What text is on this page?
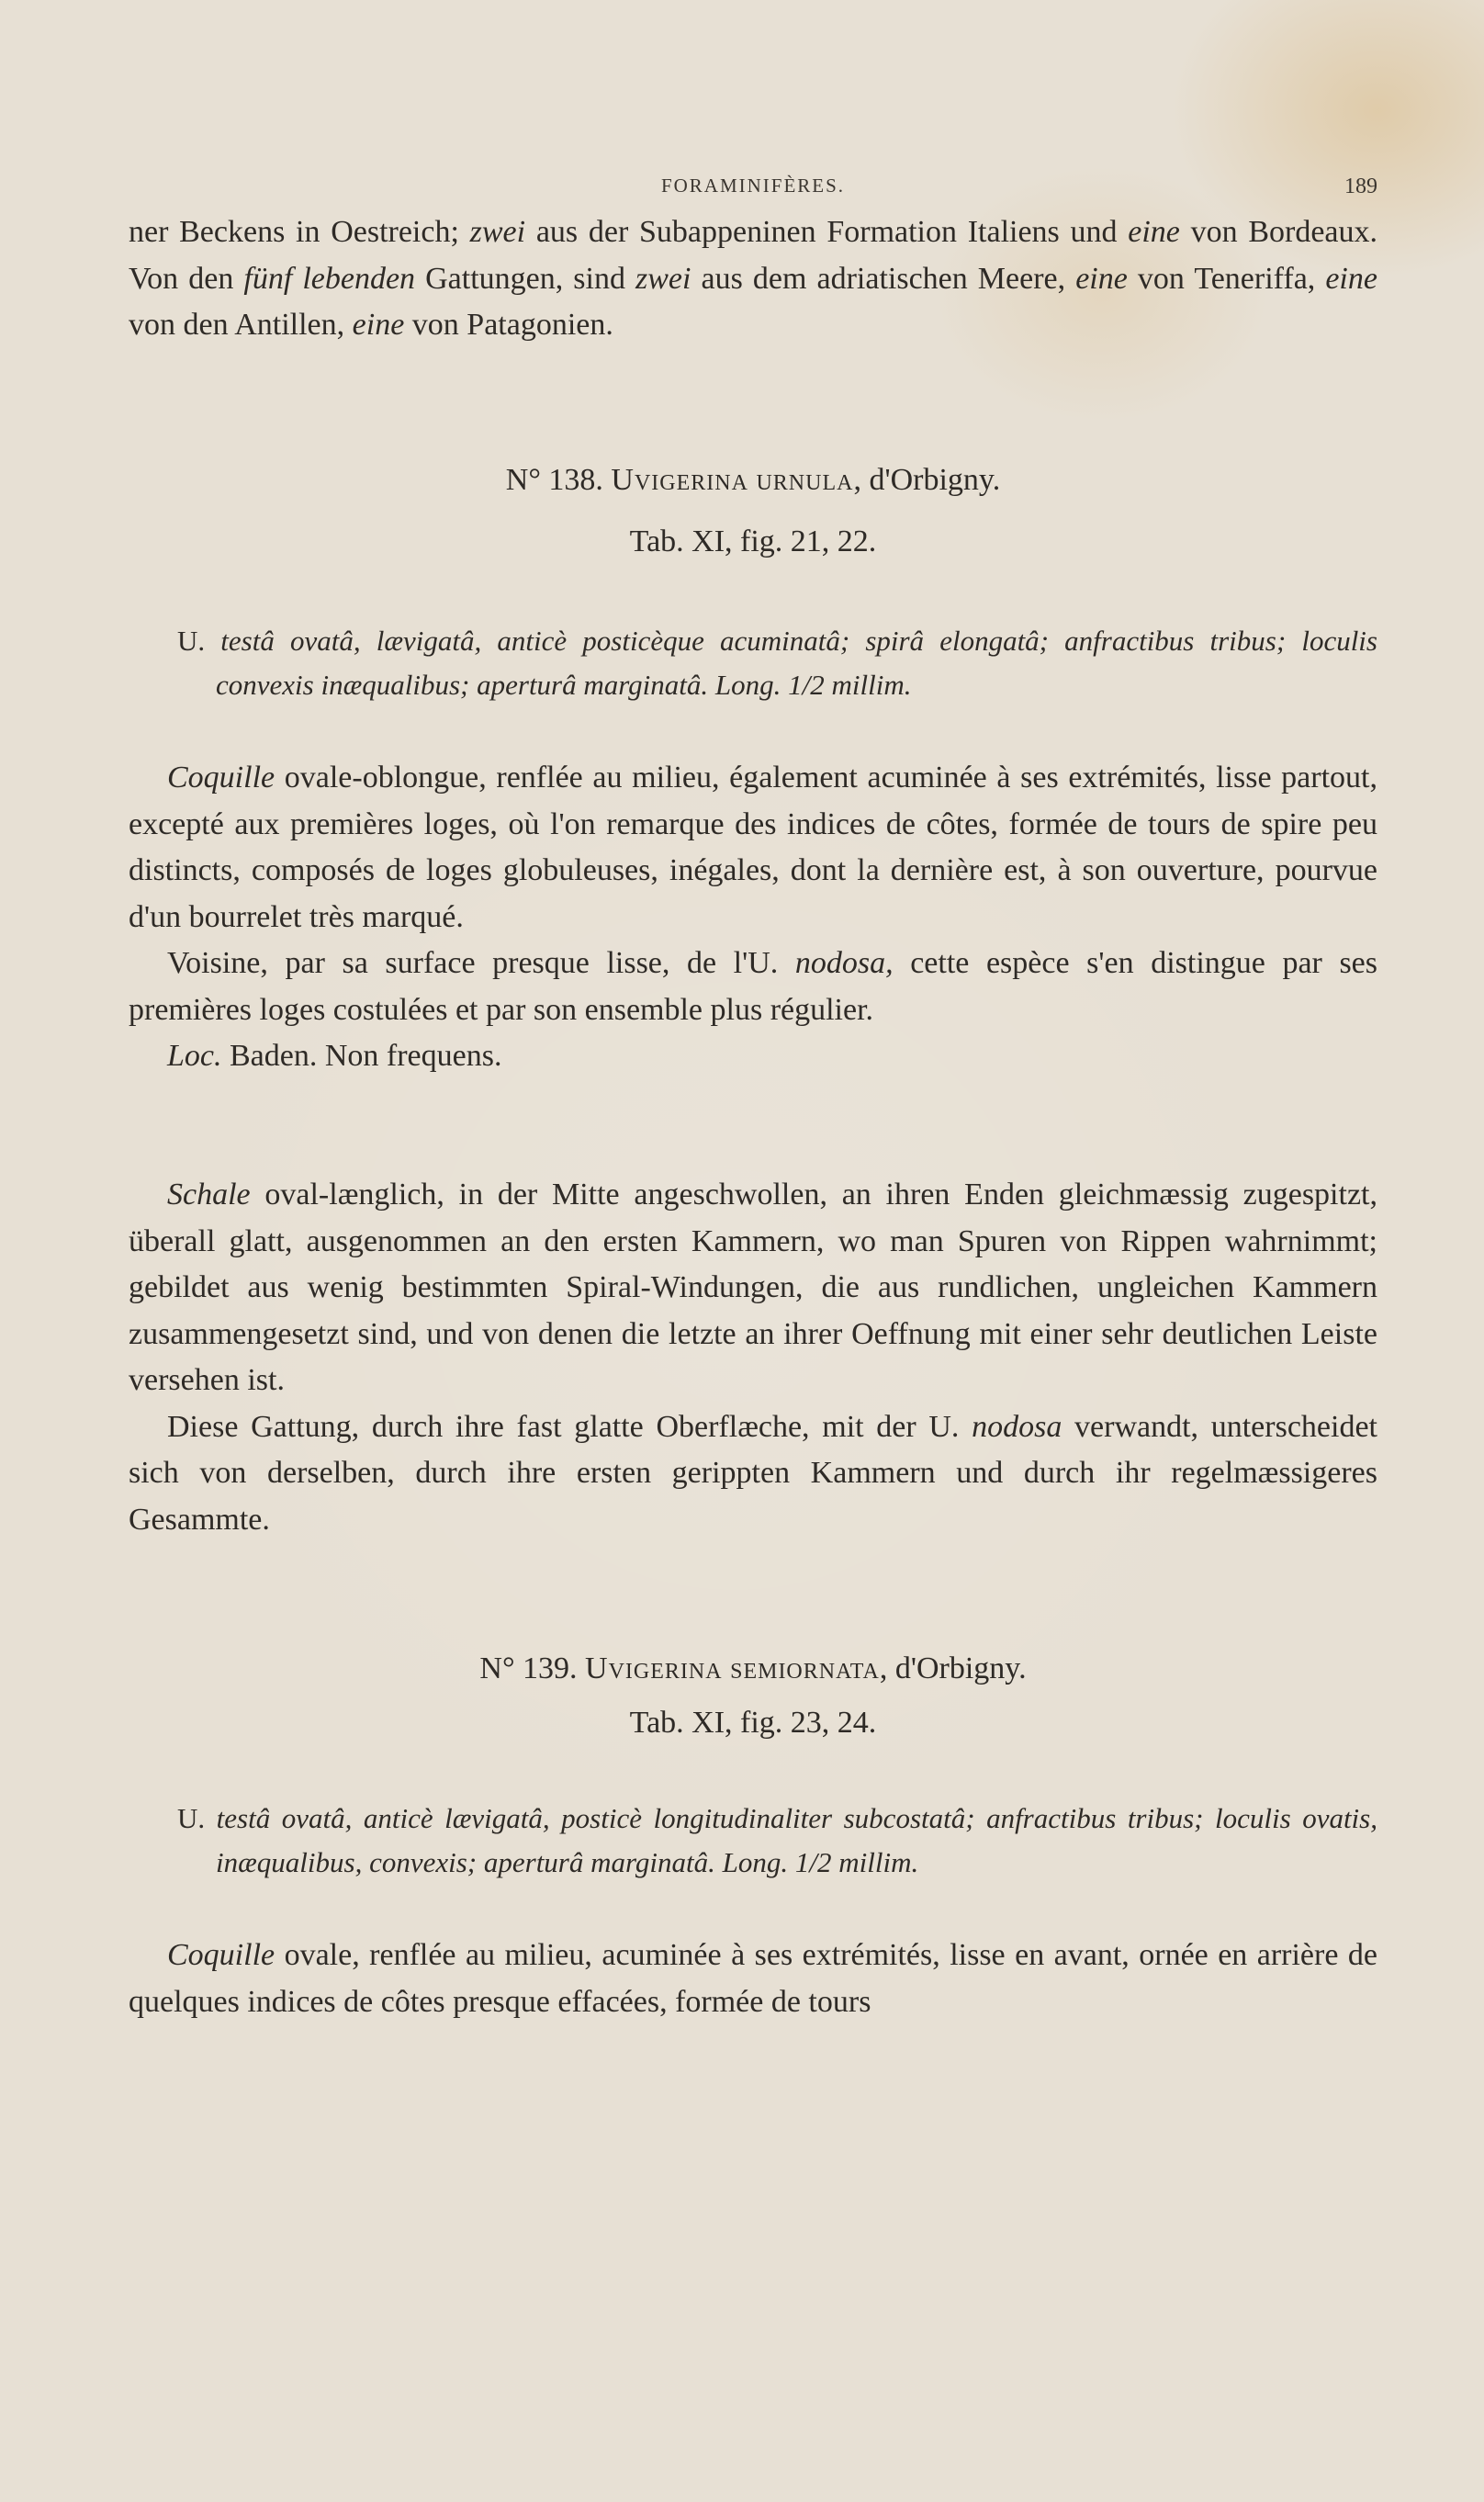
FORAMINIFÈRES.	189

ner Beckens in Oestreich; zwei aus der Subappeninen Formation Italiens und eine von Bordeaux. Von den fünf lebenden Gattungen, sind zwei aus dem adriatischen Meere, eine von Teneriffa, eine von den Antillen, eine von Patagonien.

N° 138. Uvigerina urnula, d'Orbigny.

Tab. XI, fig. 21, 22.

U. testâ ovatâ, lævigatâ, anticè posticèque acuminatâ; spirâ elongatâ; anfractibus tribus; loculis convexis inæqualibus; aperturâ marginatâ. Long. 1/2 millim.

Coquille ovale-oblongue, renflée au milieu, également acuminée à ses extrémités, lisse partout, excepté aux premières loges, où l'on remarque des indices de côtes, formée de tours de spire peu distincts, composés de loges globuleuses, inégales, dont la dernière est, à son ouverture, pourvue d'un bourrelet très marqué.

Voisine, par sa surface presque lisse, de l'U. nodosa, cette espèce s'en distingue par ses premières loges costulées et par son ensemble plus régulier.

Loc. Baden. Non frequens.

Schale oval-længlich, in der Mitte angeschwollen, an ihren Enden gleichmæssig zugespitzt, überall glatt, ausgenommen an den ersten Kammern, wo man Spuren von Rippen wahrnimmt; gebildet aus wenig bestimmten Spiral-Windungen, die aus rundlichen, ungleichen Kammern zusammengesetzt sind, und von denen die letzte an ihrer Oeffnung mit einer sehr deutlichen Leiste versehen ist.

Diese Gattung, durch ihre fast glatte Oberflæche, mit der U. nodosa verwandt, unterscheidet sich von derselben, durch ihre ersten gerippten Kammern und durch ihr regelmæssigeres Gesammte.

N° 139. Uvigerina semiornata, d'Orbigny.

Tab. XI, fig. 23, 24.

U. testâ ovatâ, anticè lævigatâ, posticè longitudinaliter subcostatâ; anfractibus tribus; loculis ovatis, inæqualibus, convexis; aperturâ marginatâ. Long. 1/2 millim.

Coquille ovale, renflée au milieu, acuminée à ses extrémités, lisse en avant, ornée en arrière de quelques indices de côtes presque effacées, formée de tours
